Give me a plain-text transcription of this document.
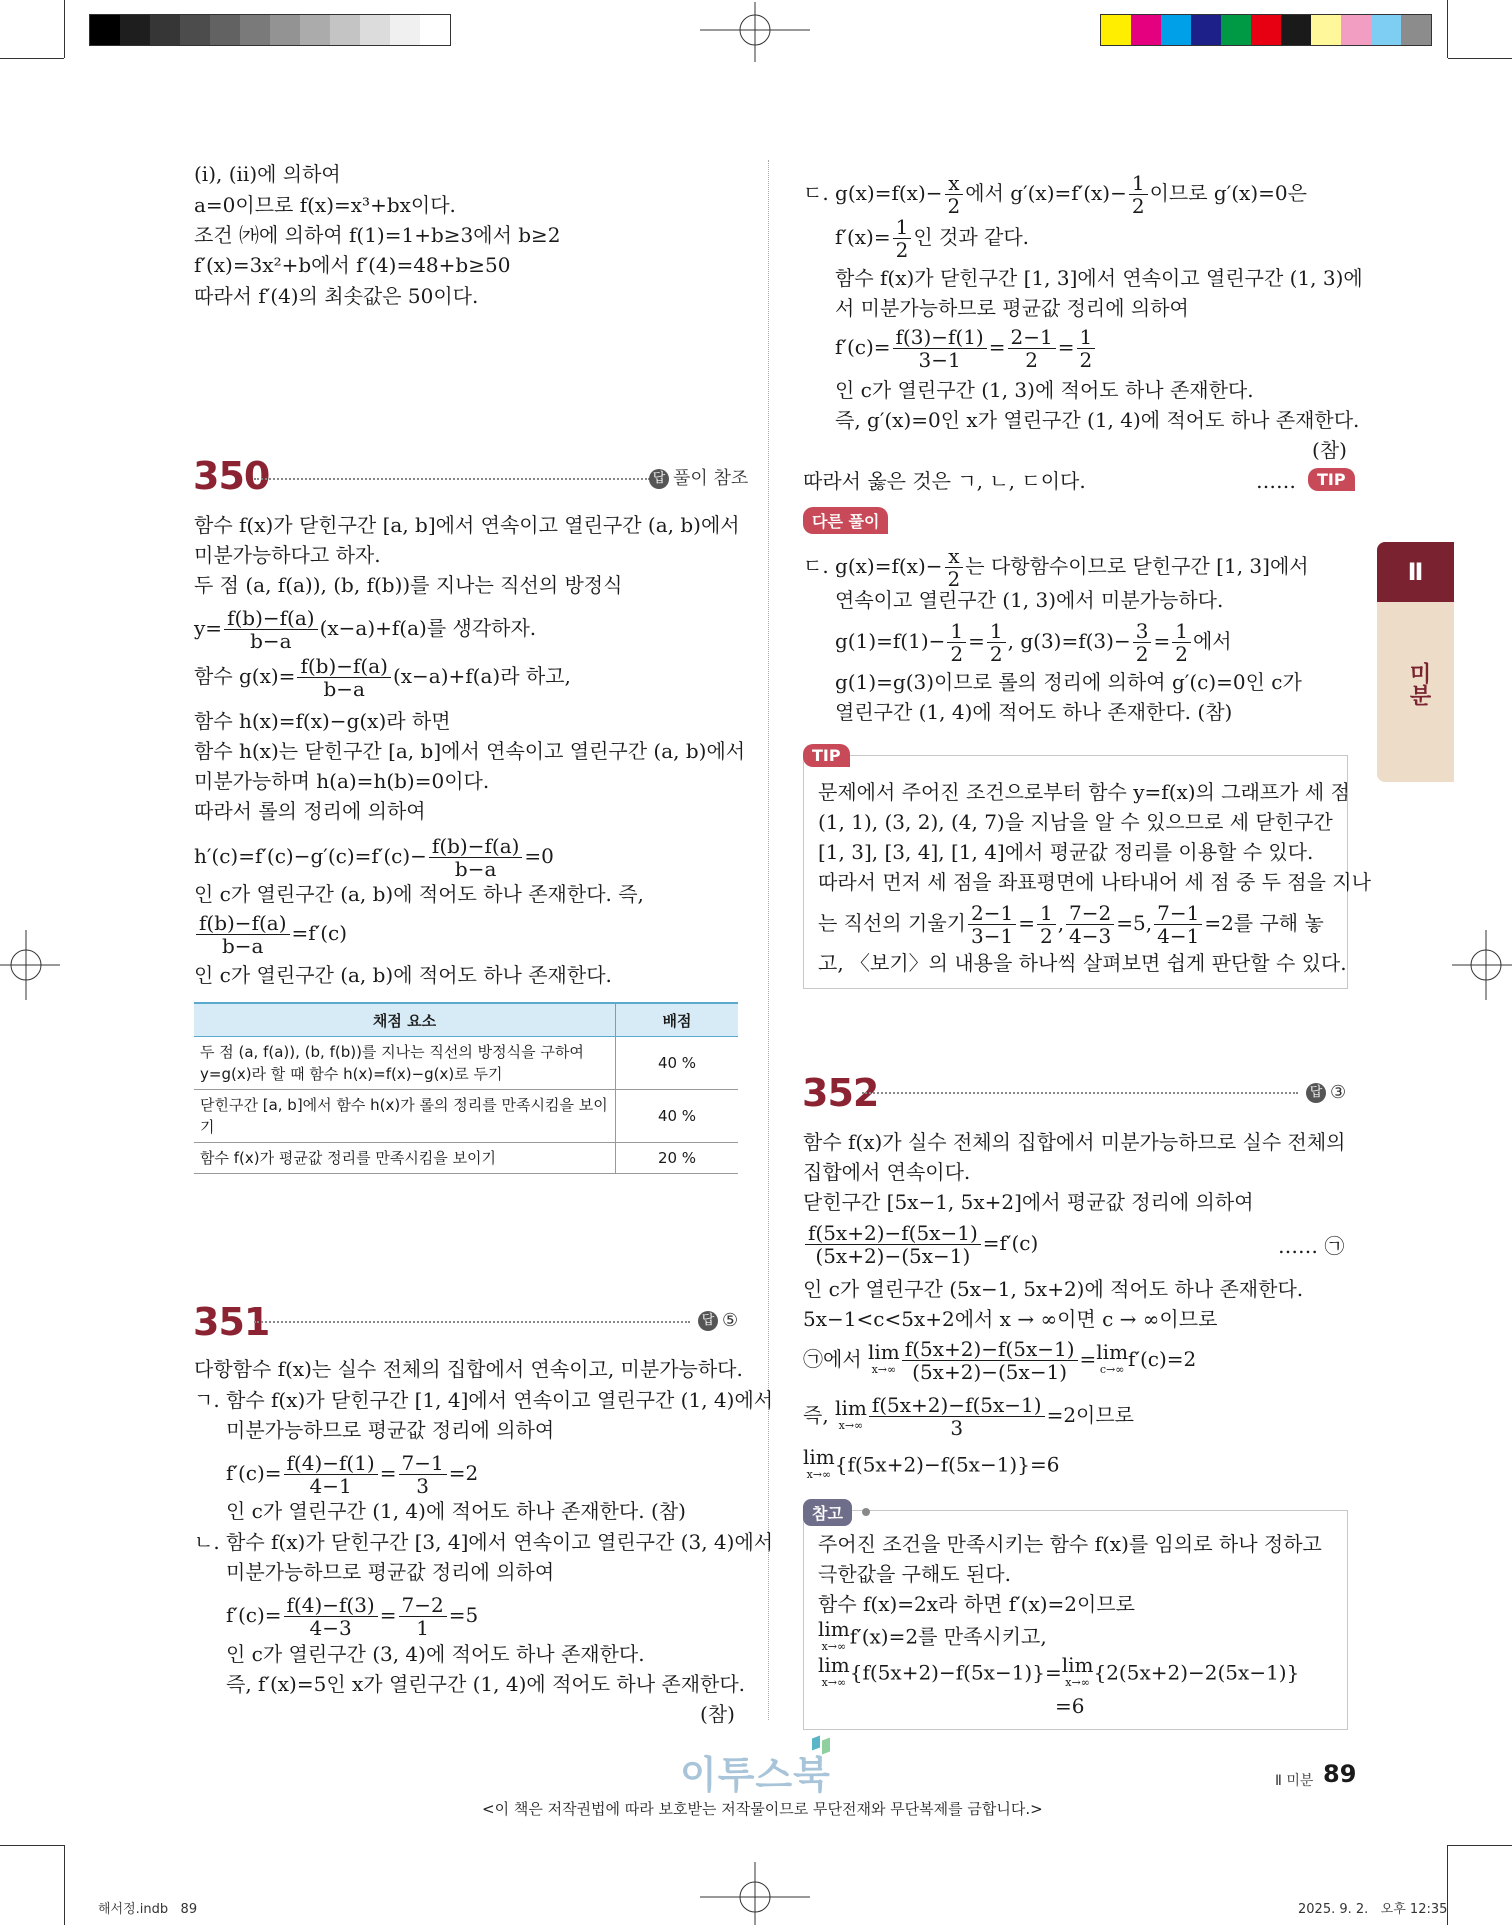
(ⅰ), (ⅱ)에 의하여
a=0이므로 f(x)=x³+bx이다.
조건 ㈎에 의하여 f(1)=1+b≥3에서 b≥2
f′(x)=3x²+b에서 f′(4)=48+b≥50
따라서 f′(4)의 최솟값은 50이다.
350	답 풀이 참조
함수 f(x)가 닫힌구간 [a, b]에서 연속이고 열린구간 (a, b)에서
미분가능하다고 하자.
두 점 (a, f(a)), (b, f(b))를 지나는 직선의 방정식
$y= \frac{f(b)-f(a)}{b-a} (x-a)+f(a)$를 생각하자.
함수 $g(x)= \frac{f(b)-f(a)}{b-a} (x-a)+f(a)$라 하고,
함수 h(x)=f(x)−g(x)라 하면
함수 h(x)는 닫힌구간 [a, b]에서 연속이고 열린구간 (a, b)에서
미분가능하며 h(a)=h(b)=0이다.
따라서 롤의 정리에 의하여
$h'(c)=f'(c)-g'(c)=f'(c)- \frac{f(b)-f(a)}{b-a} =0$
인 c가 열린구간 (a, b)에 적어도 하나 존재한다. 즉,
$\frac{f(b)-f(a)}{b-a} =f'(c)$
인 c가 열린구간 (a, b)에 적어도 하나 존재한다.
채점 요소	배점

두 점 (a, f(a)), (b, f(b))를 지나는 직선의 방정식을 구하여
y=g(x)라 할 때 함수 h(x)=f(x)−g(x)로 두기	40 %
닫힌구간 [a, b]에서 함수 h(x)가 롤의 정리를 만족시킴을 보이기	40 %
함수 f(x)가 평균값 정리를 만족시킴을 보이기	20 %
351	답 ⑤
다항함수 f(x)는 실수 전체의 집합에서 연속이고, 미분가능하다.
ㄱ. 함수 f(x)가 닫힌구간 [1, 4]에서 연속이고 열린구간 (1, 4)에서
미분가능하므로 평균값 정리에 의하여
$f'(c)= \frac{f(4)-f(1)}{4-1} = \frac{7-1}{3} =2$
인 c가 열린구간 (1, 4)에 적어도 하나 존재한다. (참)
ㄴ. 함수 f(x)가 닫힌구간 [3, 4]에서 연속이고 열린구간 (3, 4)에서
미분가능하므로 평균값 정리에 의하여
$f'(c)= \frac{f(4)-f(3)}{4-3} = \frac{7-2}{1} =5$
인 c가 열린구간 (3, 4)에 적어도 하나 존재한다.
즉, f′(x)=5인 x가 열린구간 (1, 4)에 적어도 하나 존재한다.
(참)
ㄷ. $g(x)=f(x)- \frac{x}{2}$ 에서 $g'(x)=f'(x)- \frac{1}{2}$ 이므로 g′(x)=0은
$f'(x)= \frac{1}{2}$ 인 것과 같다.
함수 f(x)가 닫힌구간 [1, 3]에서 연속이고 열린구간 (1, 3)에
서 미분가능하므로 평균값 정리에 의하여
$f'(c)= \frac{f(3)-f(1)}{3-1} = \frac{2-1}{2} = \frac{1}{2}$
인 c가 열린구간 (1, 3)에 적어도 하나 존재한다.
즉, g′(x)=0인 x가 열린구간 (1, 4)에 적어도 하나 존재한다.
(참)
따라서 옳은 것은 ㄱ, ㄴ, ㄷ이다.	……	TIP
다른 풀이
ㄷ. $g(x)=f(x)- \frac{x}{2}$ 는 다항함수이므로 닫힌구간 [1, 3]에서
연속이고 열린구간 (1, 3)에서 미분가능하다.
$g(1)=f(1)- \frac{1}{2} = \frac{1}{2}$ , $g(3)=f(3)- \frac{3}{2} = \frac{1}{2}$ 에서
g(1)=g(3)이므로 롤의 정리에 의하여 g′(c)=0인 c가
열린구간 (1, 4)에 적어도 하나 존재한다. (참)
TIP
문제에서 주어진 조건으로부터 함수 y=f(x)의 그래프가 세 점
(1, 1), (3, 2), (4, 7)을 지남을 알 수 있으므로 세 닫힌구간
[1, 3], [3, 4], [1, 4]에서 평균값 정리를 이용할 수 있다.
따라서 먼저 세 점을 좌표평면에 나타내어 세 점 중 두 점을 지나
는 직선의 기울기 $\frac{2-1}{3-1} = \frac{1}{2}$ , $\frac{7-2}{4-3} =5$, $\frac{7-1}{4-1} =2$를 구해 놓
고, 〈보기〉의 내용을 하나씩 살펴보면 쉽게 판단할 수 있다.
352	답 ③
함수 f(x)가 실수 전체의 집합에서 미분가능하므로 실수 전체의
집합에서 연속이다.
닫힌구간 [5x−1, 5x+2]에서 평균값 정리에 의하여
$\frac{f(5x+2)-f(5x-1)}{(5x+2)-(5x-1)} =f'(c)$	…… ㉠
인 c가 열린구간 (5x−1, 5x+2)에 적어도 하나 존재한다.
5x−1<c<5x+2에서 x → ∞이면 c → ∞이므로
㉠에서 lim
$x\to\infty \frac{f(5x+2)-f(5x-1)}{(5x+2)-(5x-1)} = \lim$
c→∞ f′(c)=2
즉, lim
$x\to\infty \frac{f(5x+2)-f(5x-1)}{3} =2$이므로
lim
x→∞ {f(5x+2)−f(5x−1)}=6
참고
주어진 조건을 만족시키는 함수 f(x)를 임의로 하나 정하고
극한값을 구해도 된다.
함수 f(x)=2x라 하면 f′(x)=2이므로
lim
x→∞ f′(x)=2를 만족시키고,
lim
x→∞ {f(5x+2)−f(5x−1)}= lim
x→∞ {2(5x+2)−2(5x−1)}
=6
Ⅱ
미분
이투스북	Ⅱ 미분 89
<이 책은 저작권법에 따라 보호받는 저작물이므로 무단전재와 무단복제를 금합니다.>
해서정.indb   89	2025. 9. 2.   오후 12:35
